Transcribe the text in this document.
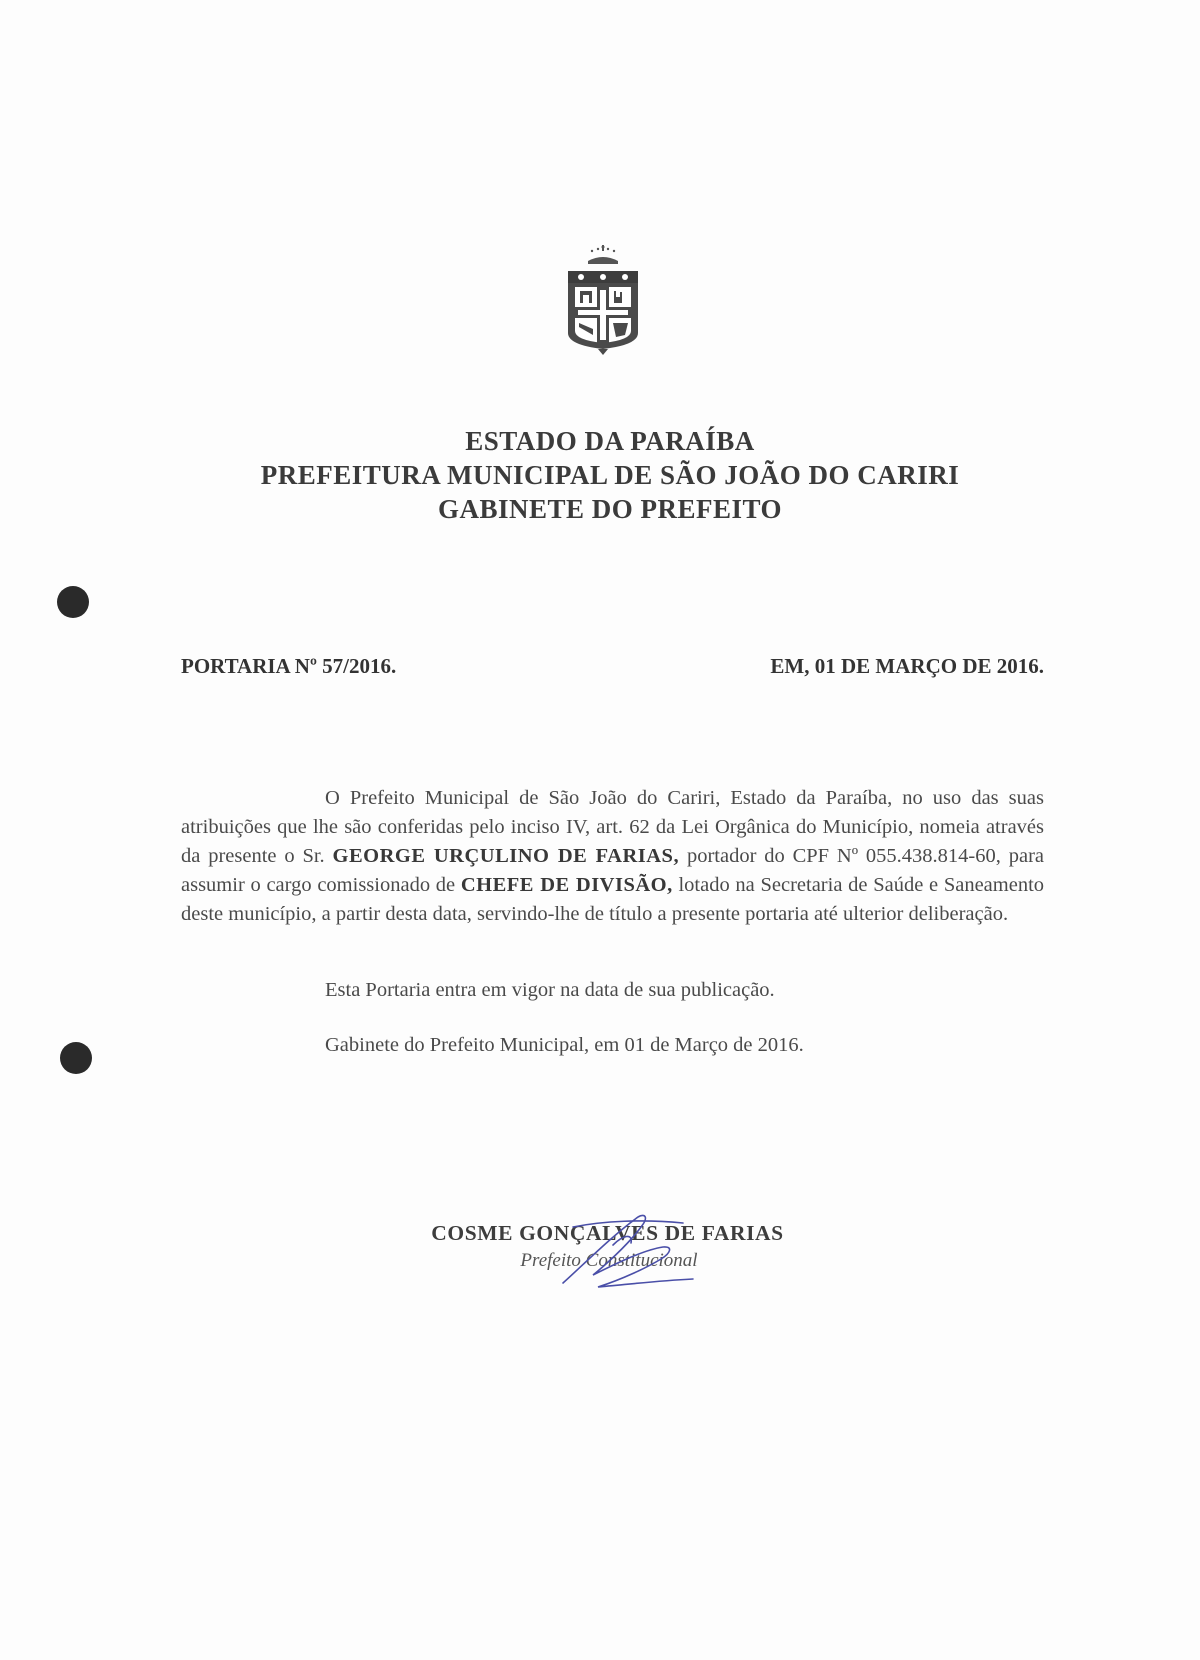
ESTADO DA PARAÍBA
PREFEITURA MUNICIPAL DE SÃO JOÃO DO CARIRI
GABINETE DO PREFEITO
PORTARIA Nº 57/2016.	EM, 01 DE MARÇO DE 2016.
O Prefeito Municipal de São João do Cariri, Estado da Paraíba, no uso das suas atribuições que lhe são conferidas pelo inciso IV, art. 62 da Lei Orgânica do Município, nomeia através da presente o Sr. GEORGE URÇULINO DE FARIAS, portador do CPF Nº 055.438.814-60, para assumir o cargo comissionado de CHEFE DE DIVISÃO, lotado na Secretaria de Saúde e Saneamento deste município, a partir desta data, servindo-lhe de título a presente portaria até ulterior deliberação.
Esta Portaria entra em vigor na data de sua publicação.
Gabinete do Prefeito Municipal, em 01 de Março de 2016.
COSME GONÇALVES DE FARIAS
Prefeito Constitucional
